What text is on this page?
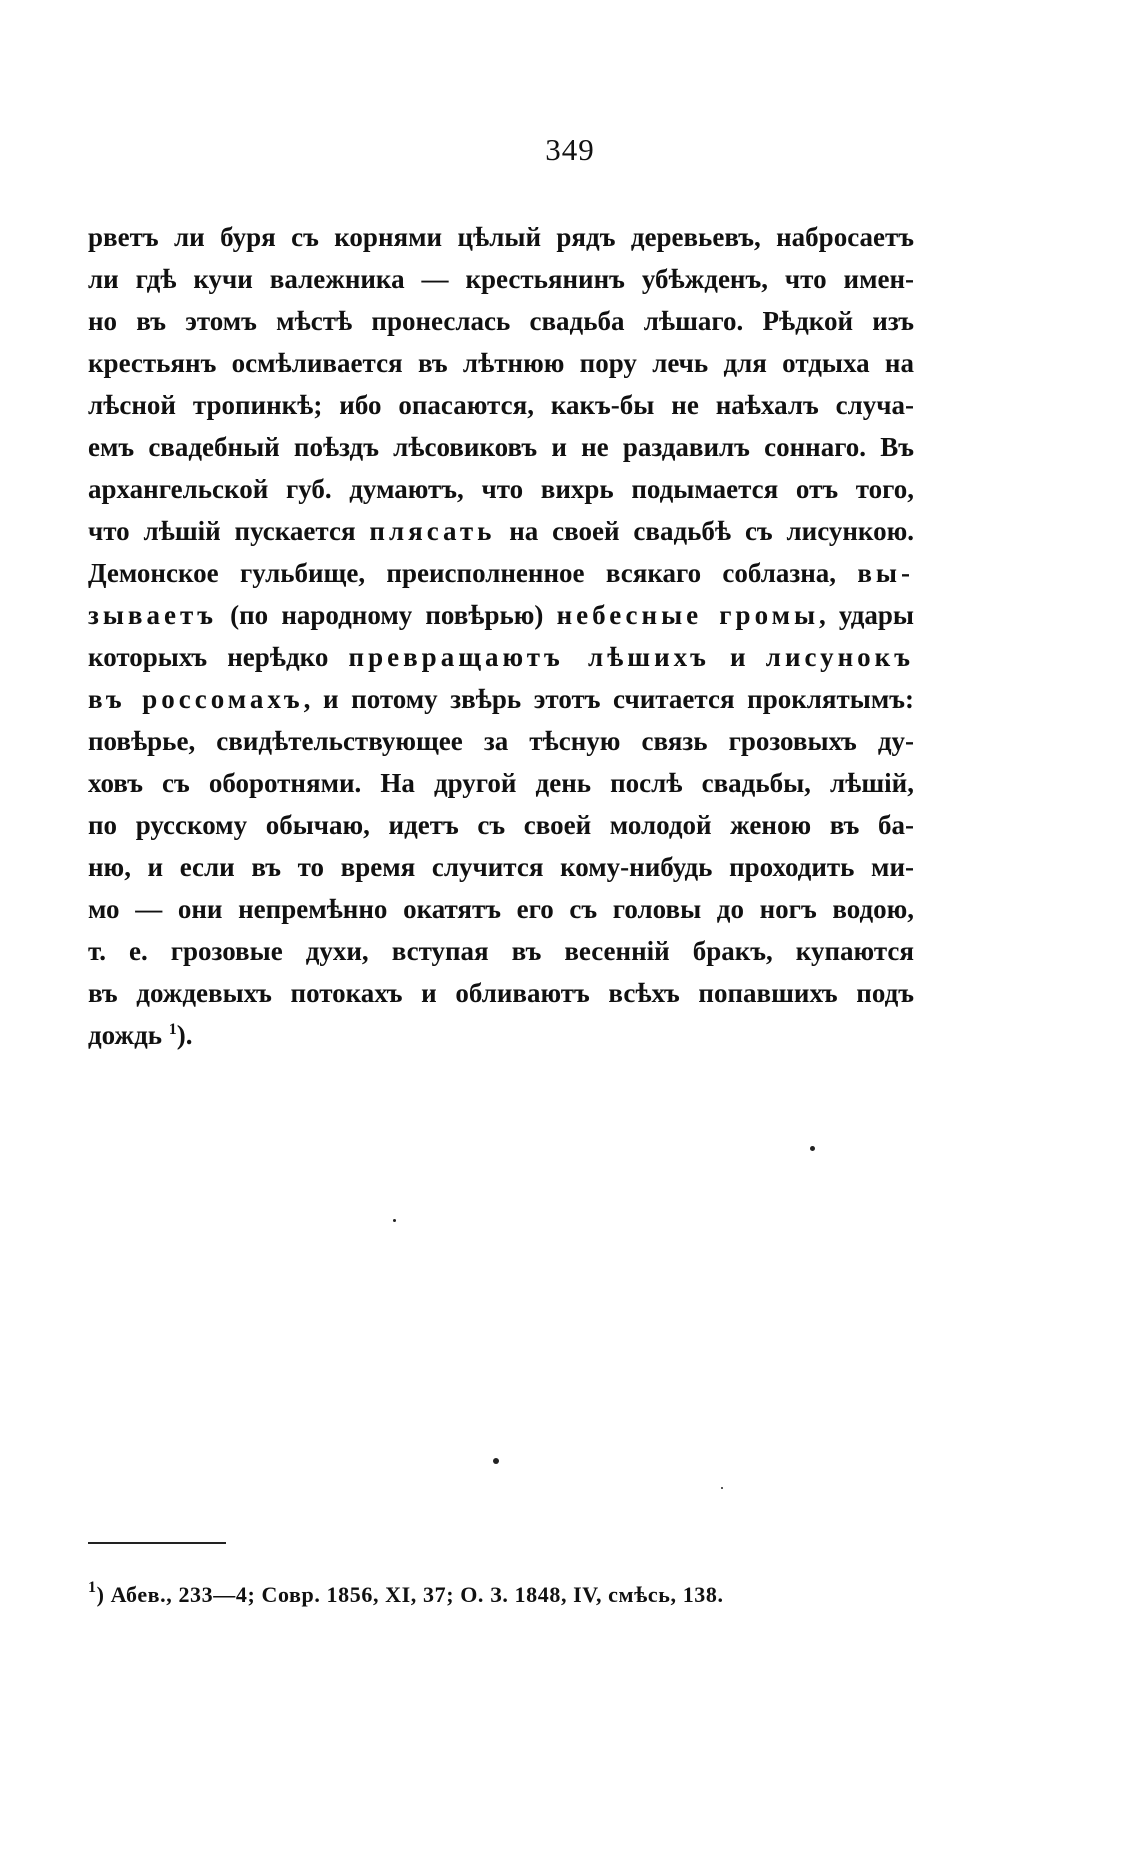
349
рветъ ли буря съ корнями цѣлый рядъ деревьевъ, набросаетъ
ли гдѣ кучи валежника — крестьянинъ убѣжденъ, что имен-
но въ этомъ мѣстѣ пронеслась свадьба лѣшаго. Рѣдкой изъ
крестьянъ осмѣливается въ лѣтнюю пору лечь для отдыха на
лѣсной тропинкѣ; ибо опасаются, какъ-бы не наѣхалъ случа-
емъ свадебный поѣздъ лѣсовиковъ и не раздавилъ соннаго. Въ
архангельской губ. думаютъ, что вихрь подымается отъ того,
что лѣшій пускается плясать на своей свадьбѣ съ лисункою.
Демонское гульбище, преисполненное всякаго соблазна, вы-
зываетъ (по народному повѣрью) небесные громы, удары
которыхъ нерѣдко превращаютъ лѣшихъ и лисунокъ
въ россомахъ, и потому звѣрь этотъ считается проклятымъ:
повѣрье, свидѣтельствующее за тѣсную связь грозовыхъ ду-
ховъ съ оборотнями. На другой день послѣ свадьбы, лѣшій,
по русскому обычаю, идетъ съ своей молодой женою въ ба-
ню, и если въ то время случится кому-нибудь проходить ми-
мо — они непремѣнно окатятъ его съ головы до ногъ водою,
т. е. грозовые духи, вступая въ весенній бракъ, купаются
въ дождевыхъ потокахъ и обливаютъ всѣхъ попавшихъ подъ
дождь $^1$).
$^1$) Абев., 233—4; Совр. 1856, XI, 37; О. З. 1848, IV, смѣсь, 138.
